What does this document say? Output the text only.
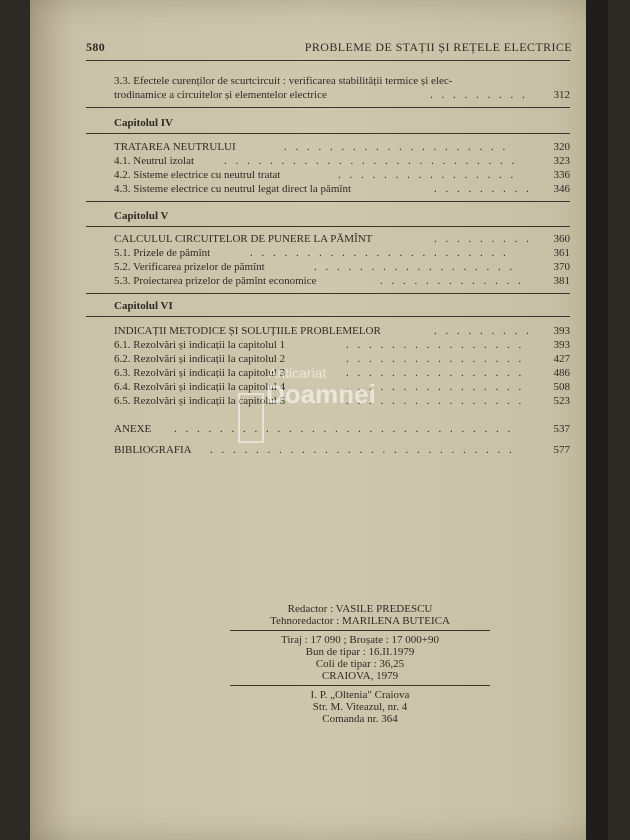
580	PROBLEME DE STAȚII ȘI REȚELE ELECTRICE
3.3. Efectele curenților de scurtcircuit : verificarea stabilității termice și elec-
trodinamice a circuitelor și elementelor electrice	. . . . . . . . .	312
Capitolul IV
TRATAREA NEUTRULUI	. . . . . . . . . . . . . . . . . . . .	320
4.1. Neutrul izolat	. . . . . . . . . . . . . . . . . . . . . . . . . .	323
4.2. Sisteme electrice cu neutrul tratat	. . . . . . . . . . . . . . . .	336
4.3. Sisteme electrice cu neutrul legat direct la pămînt	. . . . . . . . .	346
Capitolul V
CALCULUL CIRCUITELOR DE PUNERE LA PĂMÎNT	. . . . . . . . .	360
5.1. Prizele de pămînt	. . . . . . . . . . . . . . . . . . . . . . .	361
5.2. Verificarea prizelor de pămînt	. . . . . . . . . . . . . . . . . .	370
5.3. Proiectarea prizelor de pămînt economice	. . . . . . . . . . . . .	381
Capitolul VI
INDICAȚII METODICE ȘI SOLUȚIILE PROBLEMELOR	. . . . . . . . .	393
6.1. Rezolvări și indicații la capitolul 1	. . . . . . . . . . . . . . . .	393
6.2. Rezolvări și indicații la capitolul 2	. . . . . . . . . . . . . . . .	427
6.3. Rezolvări și indicații la capitolul 3	. . . . . . . . . . . . . . . .	486
6.4. Rezolvări și indicații la capitolul 4	. . . . . . . . . . . . . . . .	508
6.5. Rezolvări și indicații la capitolul 5	. . . . . . . . . . . . . . . .	523
ANEXE . . . . . . . . . . . . . . . . . . . . . . . . . . . . . .	537
BIBLIOGRAFIA . . . . . . . . . . . . . . . . . . . . . . . . . . .	577
Anticariat
Doamnei
Redactor : VASILE PREDESCU
Tehnoredactor : MARILENA BUTEICA
Tiraj : 17 090 ; Broșate : 17 000+90
Bun de tipar : 16.II.1979
Coli de tipar : 36,25
CRAIOVA, 1979
I. P. „Oltenia" Craiova
Str. M. Viteazul, nr. 4
Comanda nr. 364
